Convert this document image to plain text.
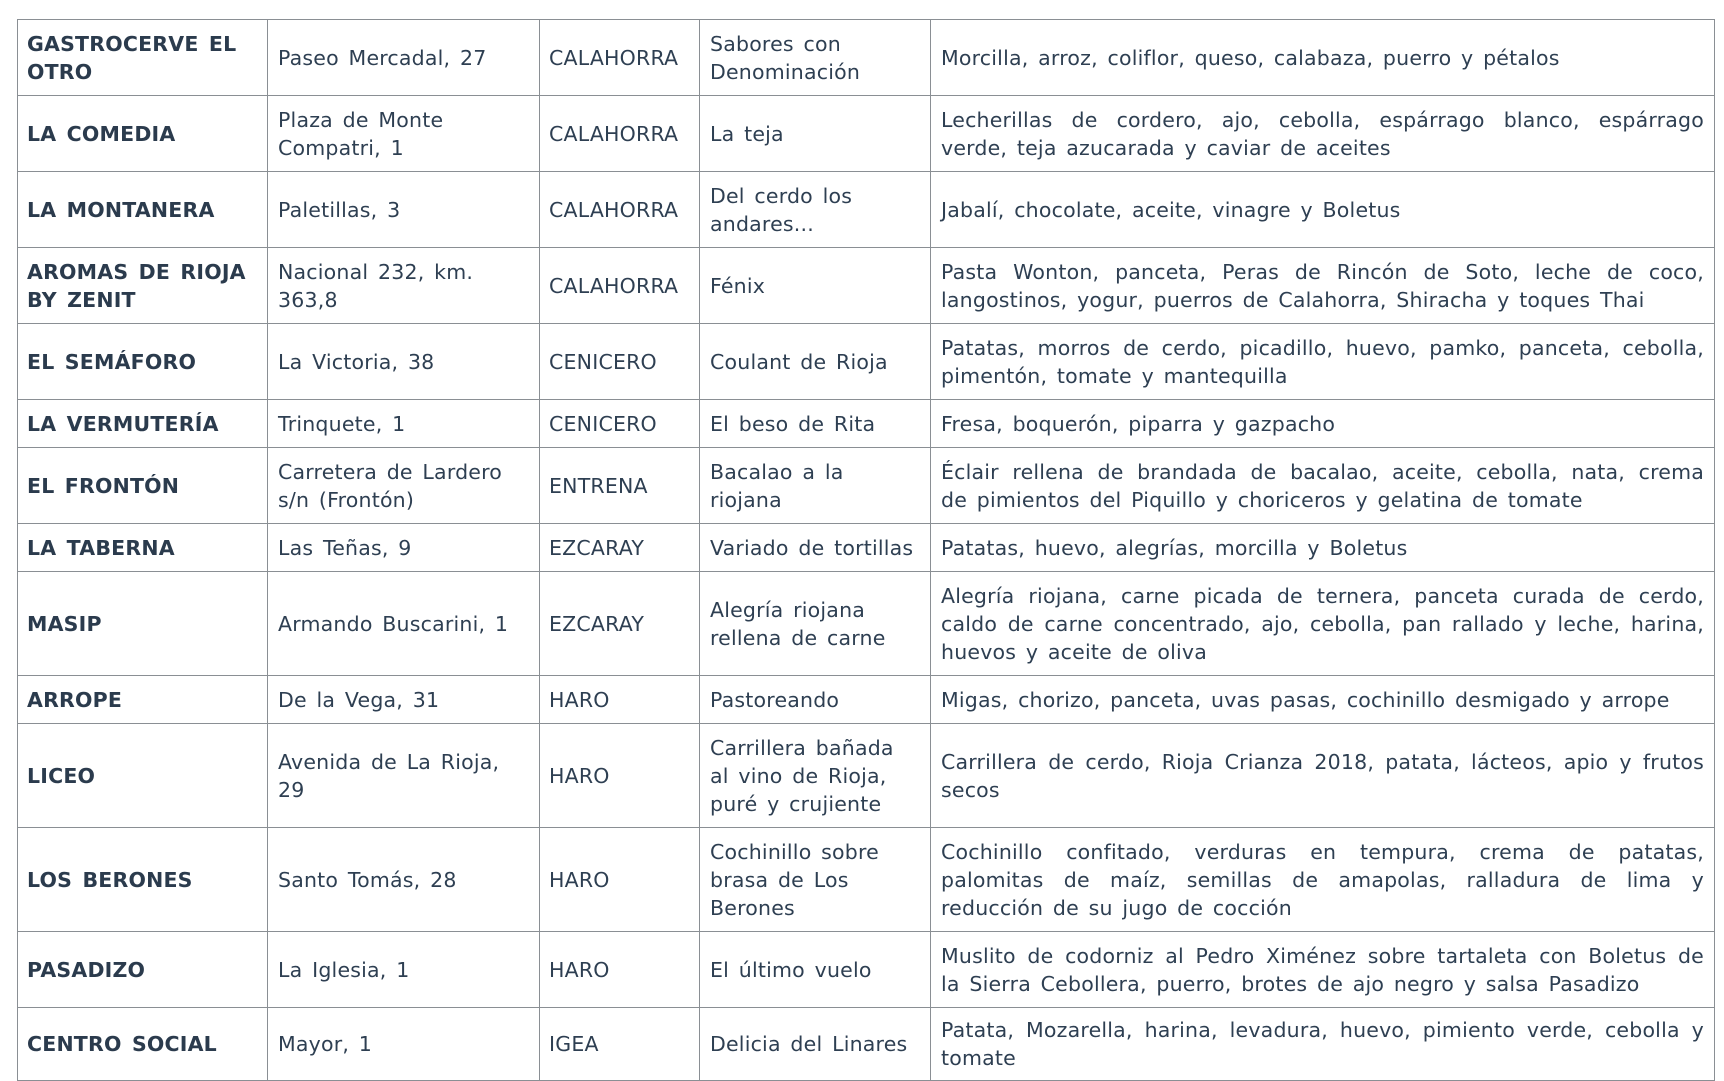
GASTROCERVE EL OTRO	Paseo Mercadal, 27	CALAHORRA	Sabores con Denominación	Morcilla, arroz, coliflor, queso, calabaza, puerro y pétalos
LA COMEDIA	Plaza de Monte Compatri, 1	CALAHORRA	La teja	Lecherillas de cordero, ajo, cebolla, espárrago blanco, espárrago verde, teja azucarada y caviar de aceites
LA MONTANERA	Paletillas, 3	CALAHORRA	Del cerdo los andares...	Jabalí, chocolate, aceite, vinagre y Boletus
AROMAS DE RIOJA BY ZENIT	Nacional 232, km. 363,8	CALAHORRA	Fénix	Pasta Wonton, panceta, Peras de Rincón de Soto, leche de coco, langostinos, yogur, puerros de Calahorra, Shiracha y toques Thai
EL SEMÁFORO	La Victoria, 38	CENICERO	Coulant de Rioja	Patatas, morros de cerdo, picadillo, huevo, pamko, panceta, cebolla, pimentón, tomate y mantequilla
LA VERMUTERÍA	Trinquete, 1	CENICERO	El beso de Rita	Fresa, boquerón, piparra y gazpacho
EL FRONTÓN	Carretera de Lardero s/n (Frontón)	ENTRENA	Bacalao a la riojana	Éclair rellena de brandada de bacalao, aceite, cebolla, nata, crema de pimientos del Piquillo y choriceros y gelatina de tomate
LA TABERNA	Las Teñas, 9	EZCARAY	Variado de tortillas	Patatas, huevo, alegrías, morcilla y Boletus
MASIP	Armando Buscarini, 1	EZCARAY	Alegría riojana rellena de carne	Alegría riojana, carne picada de ternera, panceta curada de cerdo, caldo de carne concentrado, ajo, cebolla, pan rallado y leche, harina, huevos y aceite de oliva
ARROPE	De la Vega, 31	HARO	Pastoreando	Migas, chorizo, panceta, uvas pasas, cochinillo desmigado y arrope
LICEO	Avenida de La Rioja, 29	HARO	Carrillera bañada al vino de Rioja, puré y crujiente	Carrillera de cerdo, Rioja Crianza 2018, patata, lácteos, apio y frutos secos
LOS BERONES	Santo Tomás, 28	HARO	Cochinillo sobre brasa de Los Berones	Cochinillo confitado, verduras en tempura, crema de patatas, palomitas de maíz, semillas de amapolas, ralladura de lima y reducción de su jugo de cocción
PASADIZO	La Iglesia, 1	HARO	El último vuelo	Muslito de codorniz al Pedro Ximénez sobre tartaleta con Boletus de la Sierra Cebollera, puerro, brotes de ajo negro y salsa Pasadizo
CENTRO SOCIAL	Mayor, 1	IGEA	Delicia del Linares	Patata, Mozarella, harina, levadura, huevo, pimiento verde, cebolla y tomate
